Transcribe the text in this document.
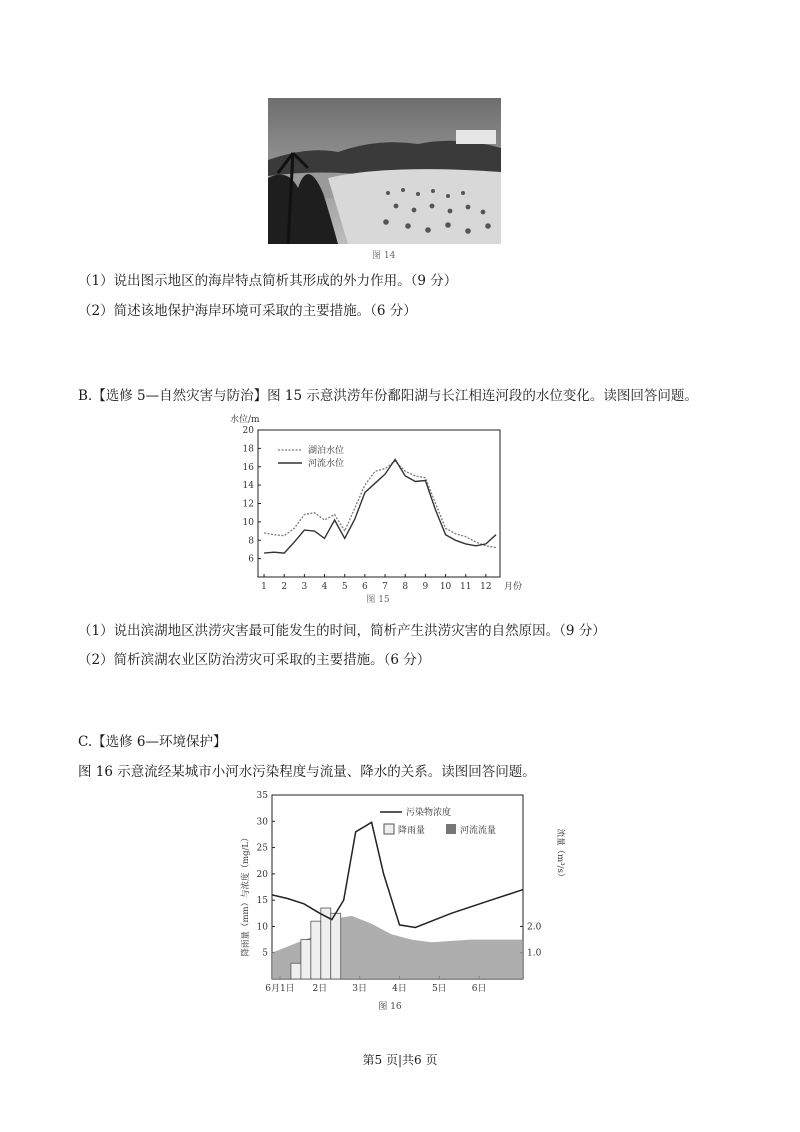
图 14
（1）说出图示地区的海岸特点简析其形成的外力作用。（9 分）
（2）简述该地保护海岸环境可采取的主要措施。（6 分）
B.【选修 5—自然灾害与防治】图 15 示意洪涝年份鄱阳湖与长江相连河段的水位变化。读图回答问题。
水位/m
6
8
10
12
14
16
18
20
1 2 3 4 5 6 7 8 9 10 11 12 月份
图 15
湖泊水位
河流水位
（1）说出滨湖地区洪涝灾害最可能发生的时间，简析产生洪涝灾害的自然原因。（9 分）
（2）简析滨湖农业区防治涝灾可采取的主要措施。（6 分）
C.【选修 6—环境保护】
图 16 示意流经某城市小河水污染程度与流量、降水的关系。读图回答问题。
5
10
15
20
25
30
35
1.0
2.0
降雨量（mm）与浓度（mg/L）	流量（m³/s）
6月1日 2日	3日	4日	5日	6日
图 16
污染物浓度
降雨量	河流流量
第5 页|共6 页
